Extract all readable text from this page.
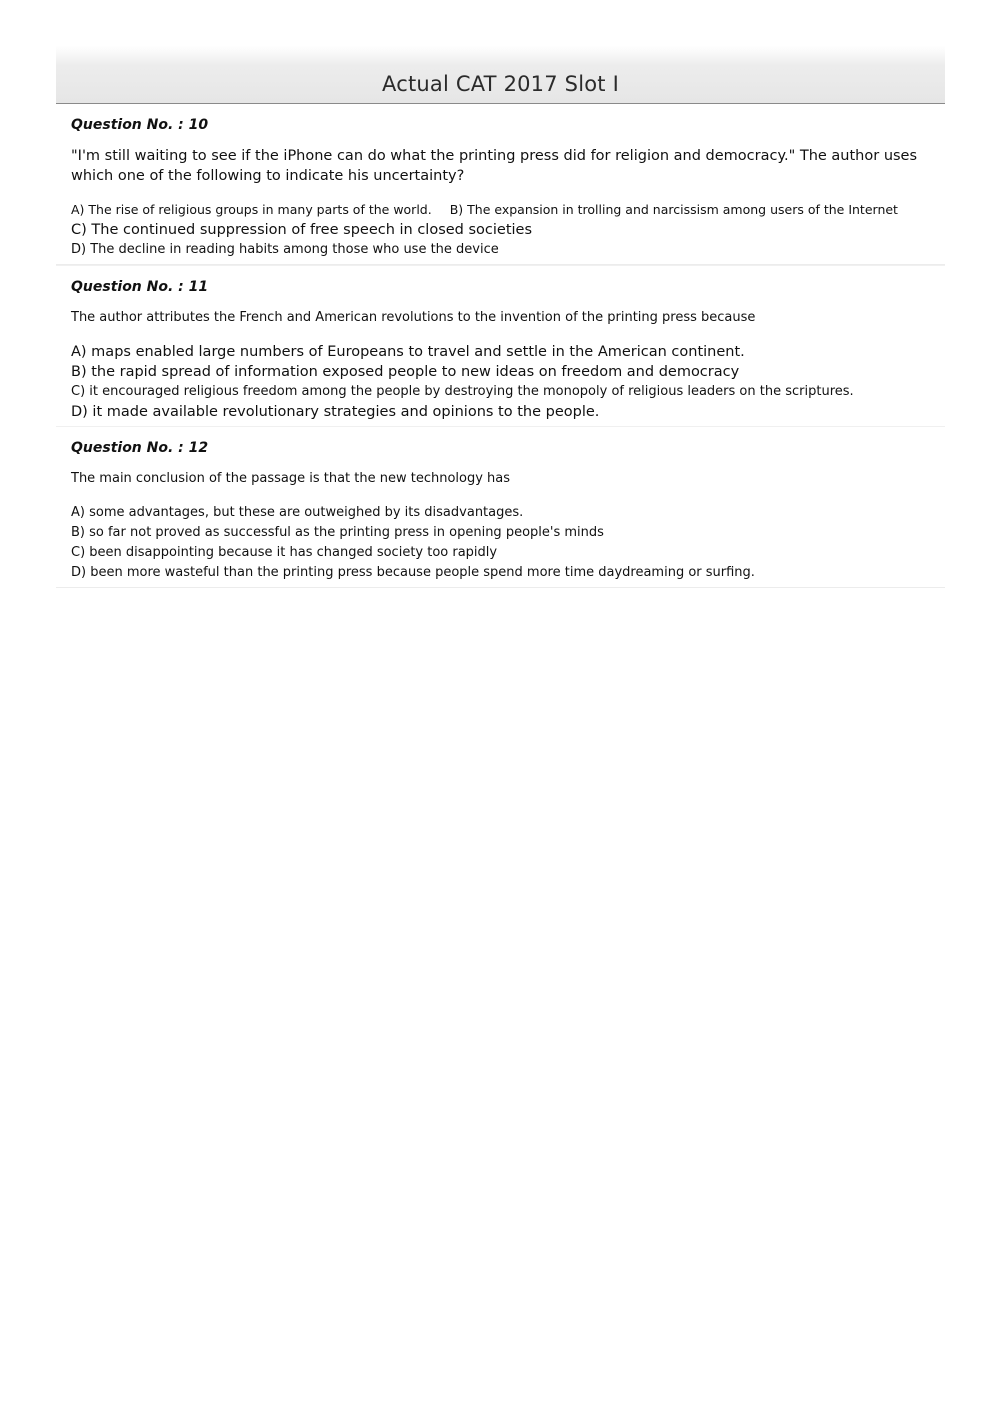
Actual CAT 2017 Slot I
Question No. : 10
"I'm still waiting to see if the iPhone can do what the printing press did for religion and democracy." The author uses which one of the following to indicate his uncertainty?
A) The rise of religious groups in many parts of the world. B) The expansion in trolling and narcissism among users of the Internet
C) The continued suppression of free speech in closed societies
D) The decline in reading habits among those who use the device
Question No. : 11
The author attributes the French and American revolutions to the invention of the printing press because
A) maps enabled large numbers of Europeans to travel and settle in the American continent.
B) the rapid spread of information exposed people to new ideas on freedom and democracy
C) it encouraged religious freedom among the people by destroying the monopoly of religious leaders on the scriptures.
D) it made available revolutionary strategies and opinions to the people.
Question No. : 12
The main conclusion of the passage is that the new technology has
A) some advantages, but these are outweighed by its disadvantages.
B) so far not proved as successful as the printing press in opening people's minds
C) been disappointing because it has changed society too rapidly
D) been more wasteful than the printing press because people spend more time daydreaming or surfing.
